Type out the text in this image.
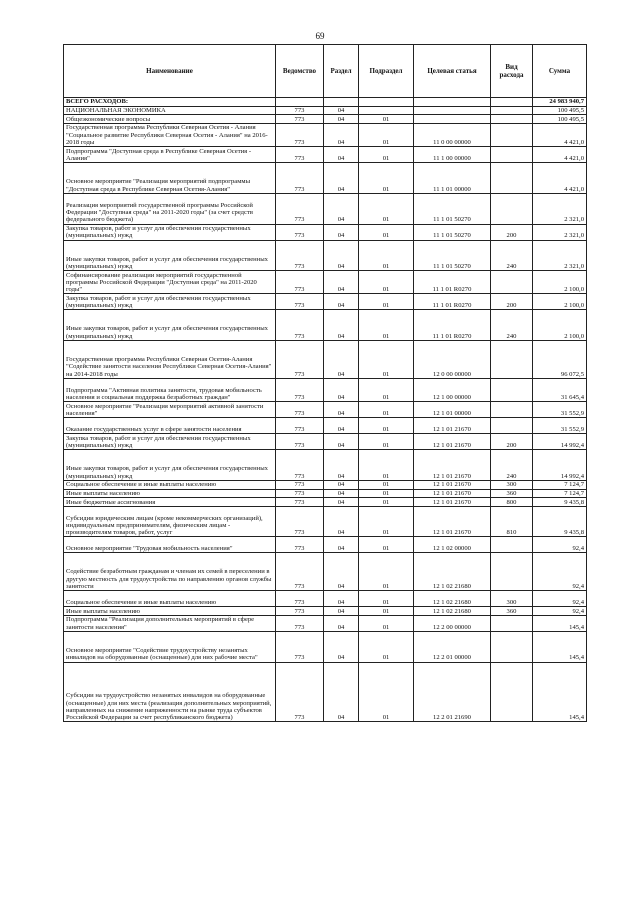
69
Наименование	Ведомство	Раздел	Подраздел	Целевая статья	Вид расхода	Сумма
ВСЕГО РАСХОДОВ:						24 983 940,7
НАЦИОНАЛЬНАЯ ЭКОНОМИКА	773	04				100 495,5
Общеэкономические вопросы	773	04	01			100 495,5
Государственная программа Республики Северная Осетия - Алания "Социальное развитие Республики Северная Осетия - Алания" на 2016-2018 годы	773	04	01	11 0 00 00000		4 421,0
Подпрограмма "Доступная среда в Республике Северная Осетия - Алания"	773	04	01	11 1 00 00000		4 421,0
Основное мероприятие "Реализация мероприятий подпрограммы "Доступная среда в Республике Северная Осетия-Алания"	773	04	01	11 1 01 00000		4 421,0
Реализация мероприятий государственной программы Российской Федерации "Доступная среда" на 2011-2020 годы" (за счет средств федерального бюджета)	773	04	01	11 1 01 50270		2 321,0
Закупка товаров, работ и услуг для обеспечения государственных (муниципальных) нужд	773	04	01	11 1 01 50270	200	2 321,0
Иные закупки товаров, работ и услуг для обеспечения государственных (муниципальных) нужд	773	04	01	11 1 01 50270	240	2 321,0
Софинансирование реализации мероприятий государственной программы Российской Федерации "Доступная среда" на 2011-2020 годы"	773	04	01	11 1 01 R0270		2 100,0
Закупка товаров, работ и услуг для обеспечения государственных (муниципальных) нужд	773	04	01	11 1 01 R0270	200	2 100,0
Иные закупки товаров, работ и услуг для обеспечения государственных (муниципальных) нужд	773	04	01	11 1 01 R0270	240	2 100,0
Государственная программа Республики Северная Осетия-Алания "Содействие занятости населения Республики Северная Осетия-Алания" на 2014-2018 годы	773	04	01	12 0 00 00000		96 072,5
Подпрограмма "Активная политика занятости, трудовая мобильность населения и социальная поддержка безработных граждан"	773	04	01	12 1 00 00000		31 645,4
Основное мероприятие "Реализация мероприятий активной занятости населения"	773	04	01	12 1 01 00000		31 552,9
Оказание государственных услуг в сфере занятости населения	773	04	01	12 1 01 21670		31 552,9
Закупка товаров, работ и услуг для обеспечения государственных (муниципальных) нужд	773	04	01	12 1 01 21670	200	14 992,4
Иные закупки товаров, работ и услуг для обеспечения государственных (муниципальных) нужд	773	04	01	12 1 01 21670	240	14 992,4
Социальное обеспечение и иные выплаты населению	773	04	01	12 1 01 21670	300	7 124,7
Иные выплаты населению	773	04	01	12 1 01 21670	360	7 124,7
Иные бюджетные ассигнования	773	04	01	12 1 01 21670	800	9 435,8
Субсидии юридическим лицам (кроме некоммерческих организаций), индивидуальным предпринимателям, физическим лицам - производителям товаров, работ, услуг	773	04	01	12 1 01 21670	810	9 435,8
Основное мероприятие "Трудовая мобильность населения"	773	04	01	12 1 02 00000		92,4
Содействие безработным гражданам и членам их семей в переселении в другую местность для трудоустройства по направлению органов службы занятости	773	04	01	12 1 02 21680		92,4
Социальное обеспечение и иные выплаты населению	773	04	01	12 1 02 21680	300	92,4
Иные выплаты населению	773	04	01	12 1 02 21680	360	92,4
Подпрограмма "Реализация дополнительных мероприятий в сфере занятости населения"	773	04	01	12 2 00 00000		145,4
Основное мероприятие "Содействие трудоустройству незанятых инвалидов на оборудованные (оснащенные) для них рабочие места"	773	04	01	12 2 01 00000		145,4
Субсидии на трудоустройство незанятых инвалидов на оборудованные (оснащенные) для них места (реализация дополнительных мероприятий, направленных на снижение напряженности на рынке труда субъектов Российской Федерации за счет республиканского бюджета)	773	04	01	12 2 01 21690		145,4
